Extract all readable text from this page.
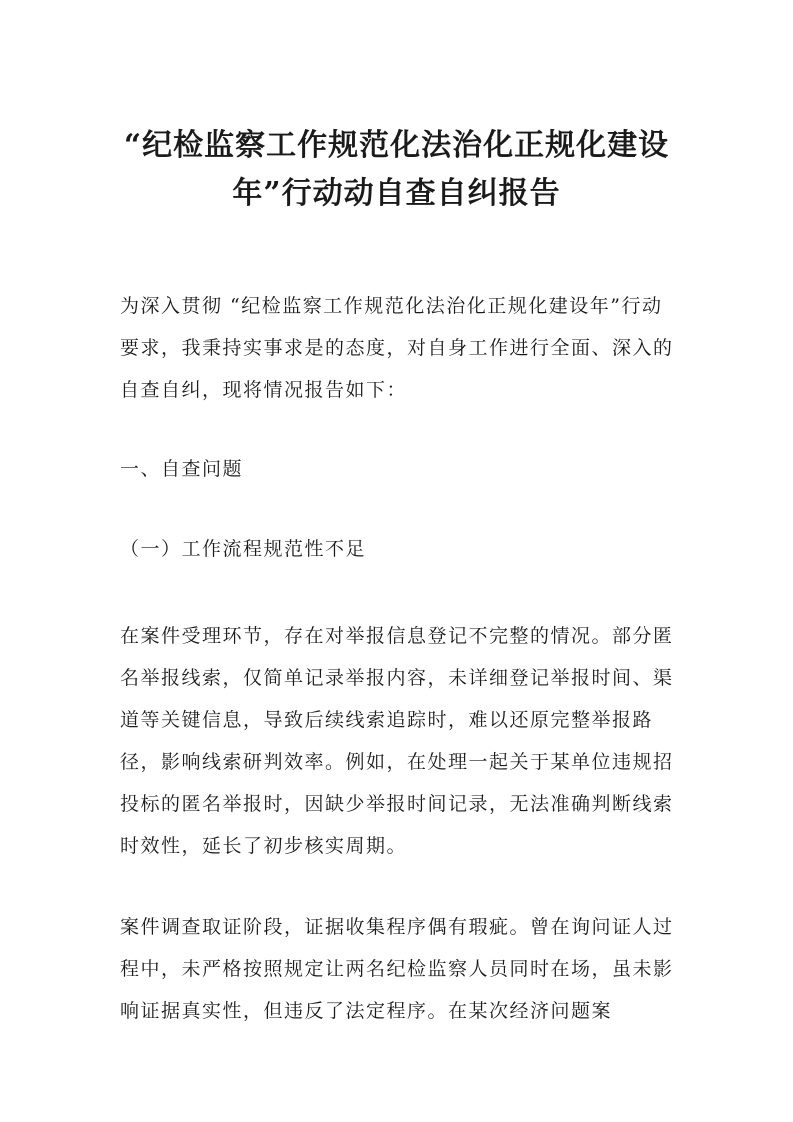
“纪检监察工作规范化法治化正规化建设
年”行动动自查自纠报告

为深入贯彻 “纪检监察工作规范化法治化正规化建设年”行动要求，我秉持实事求是的态度，对自身工作进行全面、深入的自查自纠，现将情况报告如下：

一、自查问题

（一）工作流程规范性不足

在案件受理环节，存在对举报信息登记不完整的情况。部分匿名举报线索，仅简单记录举报内容，未详细登记举报时间、渠道等关键信息，导致后续线索追踪时，难以还原完整举报路径，影响线索研判效率。例如，在处理一起关于某单位违规招投标的匿名举报时，因缺少举报时间记录，无法准确判断线索时效性，延长了初步核实周期。

案件调查取证阶段，证据收集程序偶有瑕疵。曾在询问证人过程中，未严格按照规定让两名纪检监察人员同时在场，虽未影响证据真实性，但违反了法定程序。在某次经济问题案
